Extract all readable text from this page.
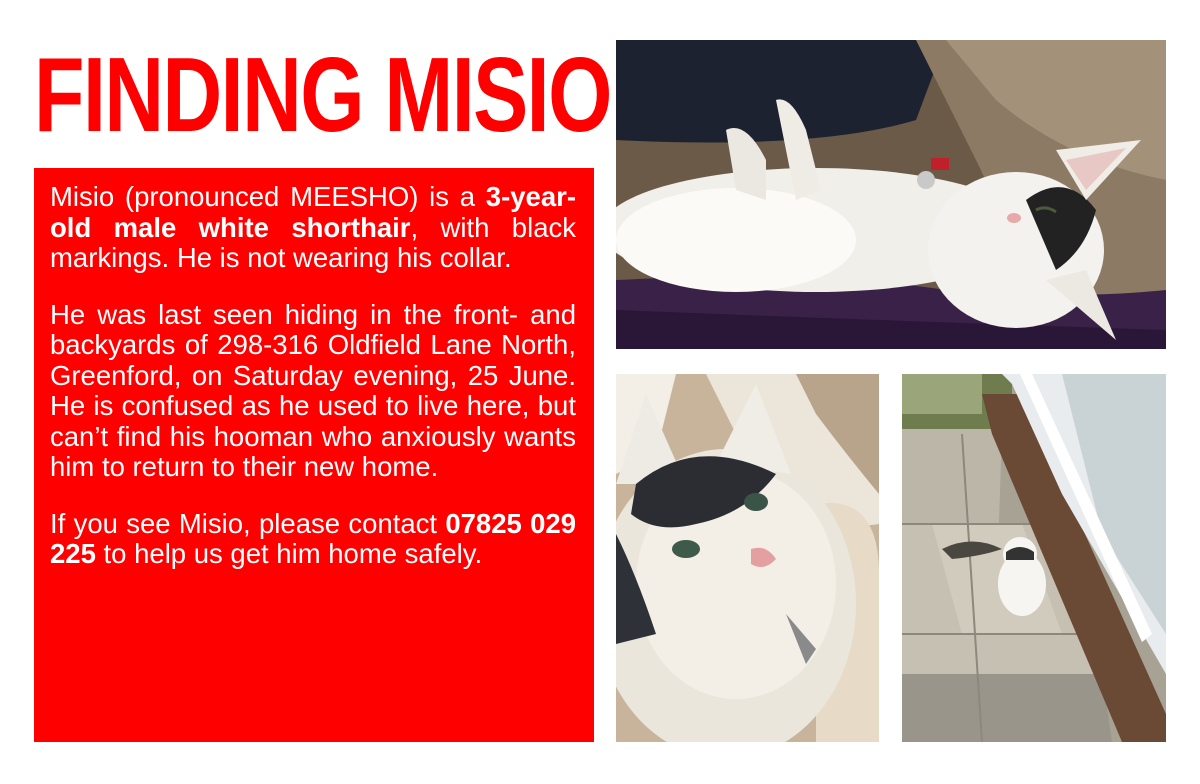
FINDING MISIO

Misio (pronounced MEESHO) is a 3-year-old male white shorthair, with black markings. He is not wearing his collar.

He was last seen hiding in the front- and backyards of 298-316 Oldfield Lane North, Greenford, on Saturday evening, 25 June. He is confused as he used to live here, but can’t find his hooman who anxiously wants him to return to their new home.

If you see Misio, please contact 07825 029 225 to help us get him home safely.
